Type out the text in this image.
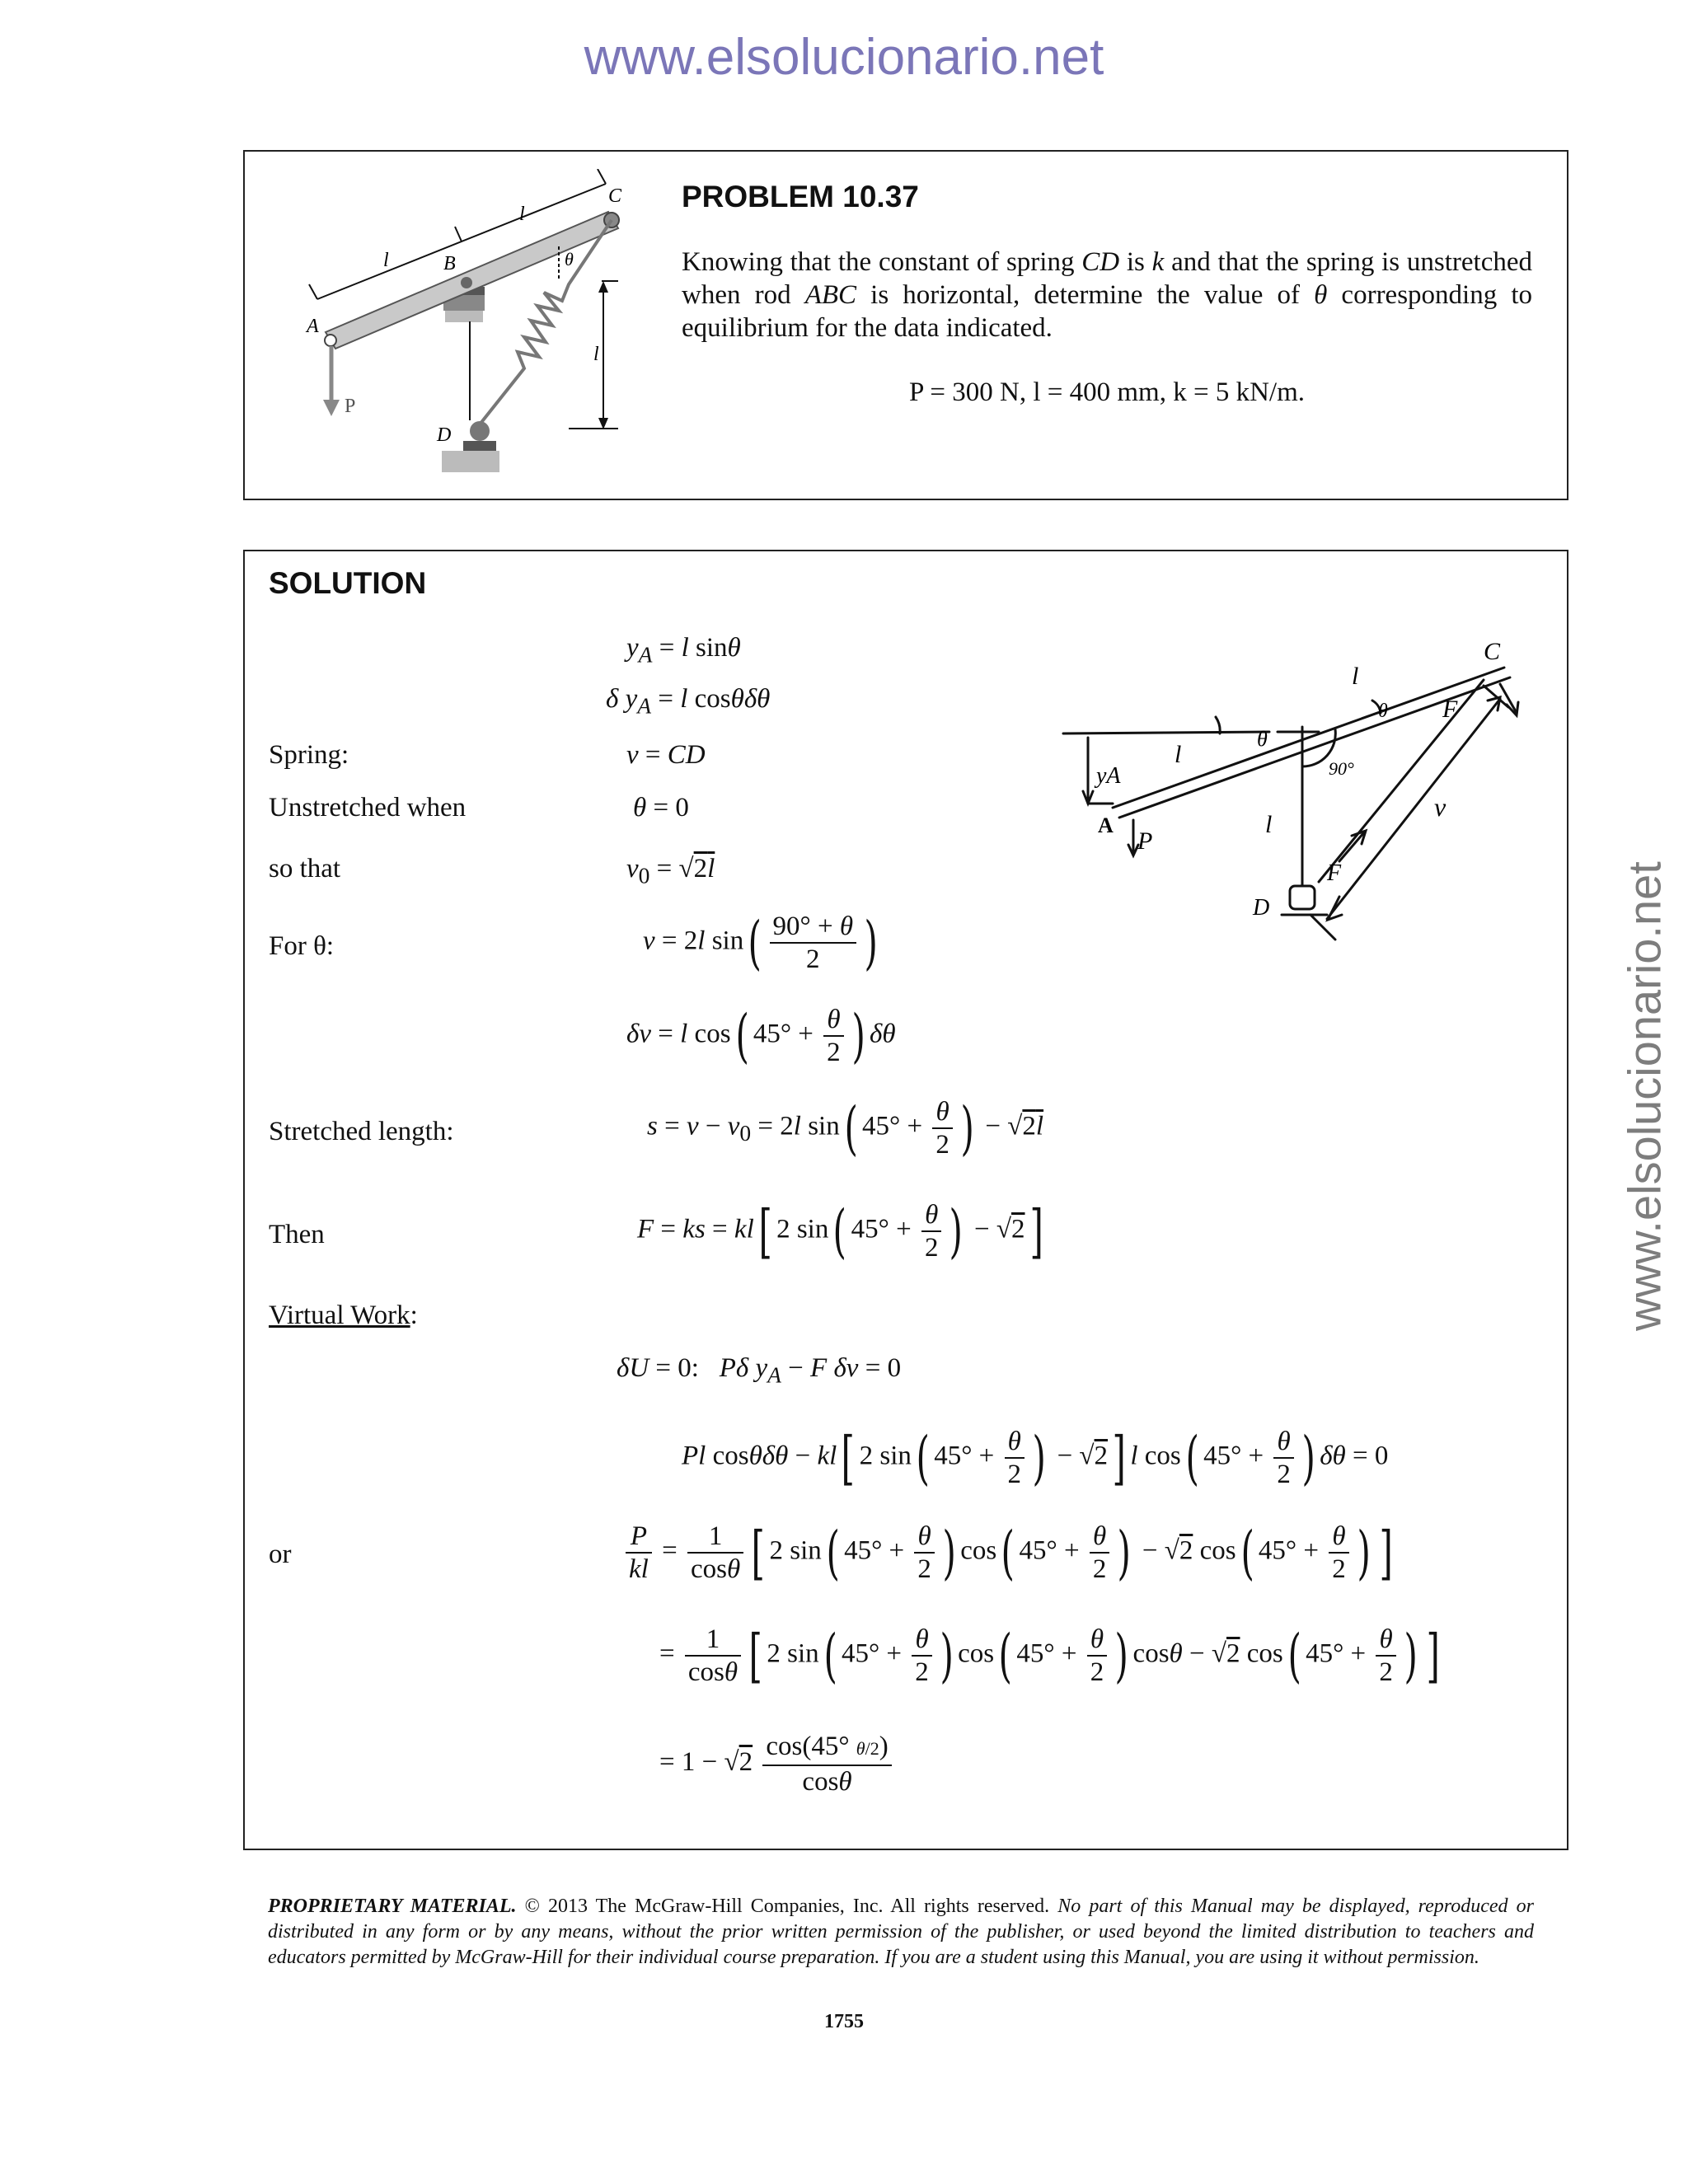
www.elsolucionario.net
www.elsolucionario.net
l
l
l
θ
A
B
C
D
P
PROBLEM 10.37
Knowing that the constant of spring CD is k and that the spring is unstretched when rod ABC is horizontal, determine the value of θ corresponding to equilibrium for the data indicated.
P = 300 N, l = 400 mm, k = 5 kN/m.
SOLUTION
Spring:
Unstretched when
so that
For θ:
Stretched length:
Then
Virtual Work:
or
$y_A = l$ sinθ
δ $y_A = l$ cosθδθ
v = CD
θ = 0
$v_0 = √2l$
v = 2l $\sin( \frac{90^\circ + \theta}{2}$ )
δv = l cos( $45^\circ + \frac{\theta}{2}$ ) δθ
$s = v - v_0 = 2l$ sin( $45^\circ + \frac{\theta}{2}$ ) − √2l
F = ks = kl[ 2 sin( $45^\circ + \frac{\theta}{2}$ ) − √2]
δU = 0:   Pδ $y_A - F$ δv = 0
Pl cosθδθ − kl[ 2 sin( $45^\circ + \frac{\theta}{2}$ ) − √2] l cos( $45^\circ + \frac{\theta}{2}$ ) δθ = 0
$\frac{P}{kl} = \frac{1}{\cos\theta}$ [ 2 sin( $45^\circ + \frac{\theta}{2}$ ) cos( $45^\circ + \frac{\theta}{2}$ ) − √2 cos( $45^\circ + \frac{\theta}{2}$ ) ]
= $\frac{1}{\cos\theta}$ [ 2 sin( $45^\circ + \frac{\theta}{2}$ ) cos( $45^\circ + \frac{\theta}{2}$ ) cosθ − √2 cos( $45^\circ + \frac{\theta}{2}$ ) ]
= $1 - √2 \frac{\cos(45^\circ \theta/2)}{\cos\theta}$
C
yA
A
P
l
l
θ
θ
90°
l
v
F
F
D
PROPRIETARY MATERIAL. © 2013 The McGraw-Hill Companies, Inc. All rights reserved. No part of this Manual may be displayed, reproduced or distributed in any form or by any means, without the prior written permission of the publisher, or used beyond the limited distribution to teachers and educators permitted by McGraw-Hill for their individual course preparation. If you are a student using this Manual, you are using it without permission.
1755
